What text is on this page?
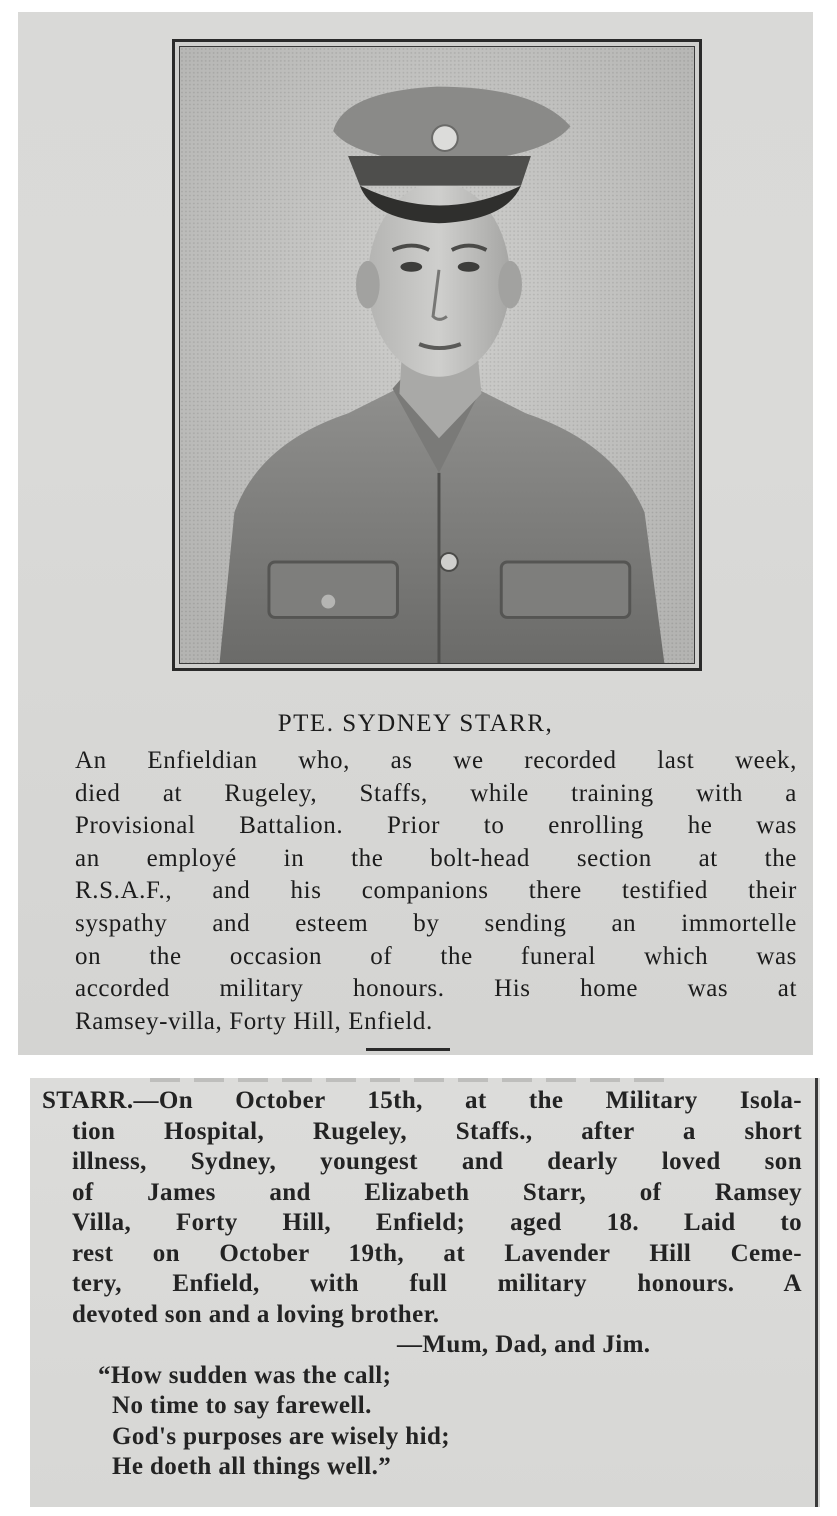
PTE. SYDNEY STARR,
An Enfieldian who, as we recorded last week,
died at Rugeley, Staffs, while training with a
Provisional Battalion. Prior to enrolling he was
an employé in the bolt-head section at the
R.S.A.F., and his companions there testified their
syspathy and esteem by sending an immortelle
on the occasion of the funeral which was
accorded military honours. His home was at
Ramsey-villa, Forty Hill, Enfield.
STARR.—On October 15th, at the Military Isola-
tion Hospital, Rugeley, Staffs., after a short
illness, Sydney, youngest and dearly loved son
of James and Elizabeth Starr, of Ramsey
Villa, Forty Hill, Enfield; aged 18. Laid to
rest on October 19th, at Lavender Hill Ceme-
tery, Enfield, with full military honours. A
devoted son and a loving brother.
—Mum, Dad, and Jim.
“How sudden was the call;
No time to say farewell.
God's purposes are wisely hid;
He doeth all things well.”
